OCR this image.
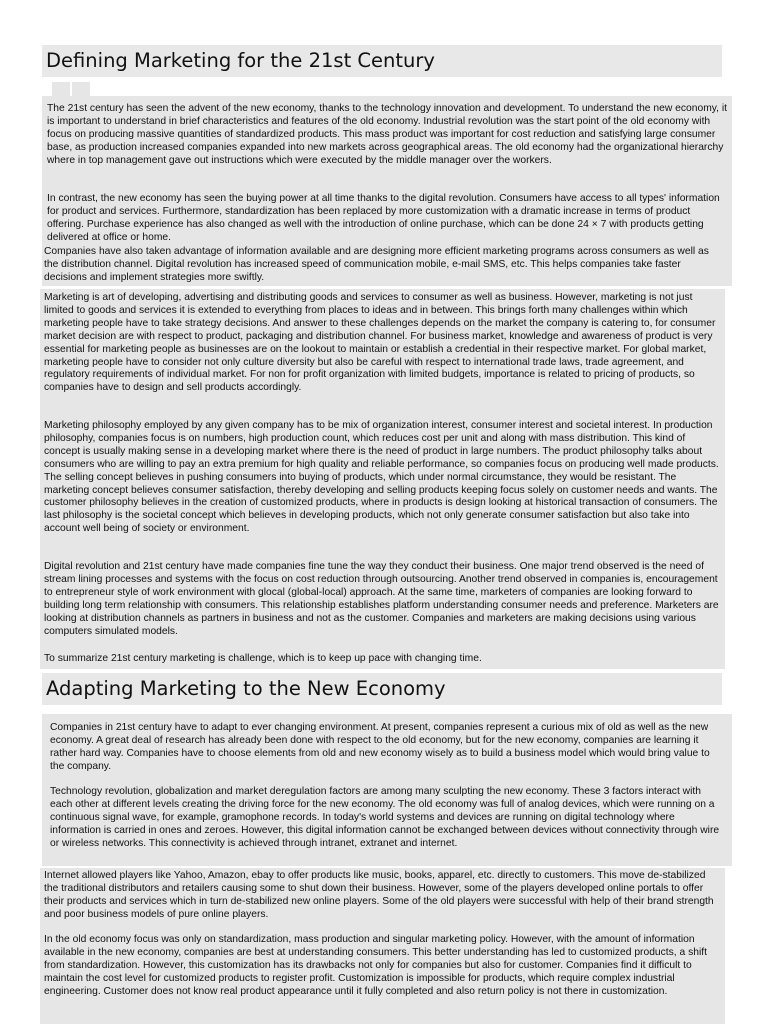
Defining Marketing for the 21st Century

The 21st century has seen the advent of the new economy, thanks to the technology innovation and development. To understand the new economy, it is important to understand in brief characteristics and features of the old economy. Industrial revolution was the start point of the old economy with focus on producing massive quantities of standardized products. This mass product was important for cost reduction and satisfying large consumer base, as production increased companies expanded into new markets across geographical areas. The old economy had the organizational hierarchy where in top management gave out instructions which were executed by the middle manager over the workers.

In contrast, the new economy has seen the buying power at all time thanks to the digital revolution. Consumers have access to all types' information for product and services. Furthermore, standardization has been replaced by more customization with a dramatic increase in terms of product offering. Purchase experience has also changed as well with the introduction of online purchase, which can be done 24 × 7 with products getting delivered at office or home.

Companies have also taken advantage of information available and are designing more efficient marketing programs across consumers as well as the distribution channel. Digital revolution has increased speed of communication mobile, e-mail SMS, etc. This helps companies take faster decisions and implement strategies more swiftly.

Marketing is art of developing, advertising and distributing goods and services to consumer as well as business. However, marketing is not just limited to goods and services it is extended to everything from places to ideas and in between. This brings forth many challenges within which marketing people have to take strategy decisions. And answer to these challenges depends on the market the company is catering to, for consumer market decision are with respect to product, packaging and distribution channel. For business market, knowledge and awareness of product is very essential for marketing people as businesses are on the lookout to maintain or establish a credential in their respective market. For global market, marketing people have to consider not only culture diversity but also be careful with respect to international trade laws, trade agreement, and regulatory requirements of individual market. For non for profit organization with limited budgets, importance is related to pricing of products, so companies have to design and sell products accordingly.

Marketing philosophy employed by any given company has to be mix of organization interest, consumer interest and societal interest. In production philosophy, companies focus is on numbers, high production count, which reduces cost per unit and along with mass distribution. This kind of concept is usually making sense in a developing market where there is the need of product in large numbers. The product philosophy talks about consumers who are willing to pay an extra premium for high quality and reliable performance, so companies focus on producing well made products. The selling concept believes in pushing consumers into buying of products, which under normal circumstance, they would be resistant. The marketing concept believes consumer satisfaction, thereby developing and selling products keeping focus solely on customer needs and wants. The customer philosophy believes in the creation of customized products, where in products is design looking at historical transaction of consumers. The last philosophy is the societal concept which believes in developing products, which not only generate consumer satisfaction but also take into account well being of society or environment.

Digital revolution and 21st century have made companies fine tune the way they conduct their business. One major trend observed is the need of stream lining processes and systems with the focus on cost reduction through outsourcing. Another trend observed in companies is, encouragement to entrepreneur style of work environment with glocal (global-local) approach. At the same time, marketers of companies are looking forward to building long term relationship with consumers. This relationship establishes platform understanding consumer needs and preference. Marketers are looking at distribution channels as partners in business and not as the customer. Companies and marketers are making decisions using various computers simulated models.

To summarize 21st century marketing is challenge, which is to keep up pace with changing time.

Adapting Marketing to the New Economy

Companies in 21st century have to adapt to ever changing environment. At present, companies represent a curious mix of old as well as the new economy. A great deal of research has already been done with respect to the old economy, but for the new economy, companies are learning it rather hard way. Companies have to choose elements from old and new economy wisely as to build a business model which would bring value to the company.

Technology revolution, globalization and market deregulation factors are among many sculpting the new economy. These 3 factors interact with each other at different levels creating the driving force for the new economy. The old economy was full of analog devices, which were running on a continuous signal wave, for example, gramophone records. In today's world systems and devices are running on digital technology where information is carried in ones and zeroes. However, this digital information cannot be exchanged between devices without connectivity through wire or wireless networks. This connectivity is achieved through intranet, extranet and internet.

Internet allowed players like Yahoo, Amazon, ebay to offer products like music, books, apparel, etc. directly to customers. This move de-stabilized the traditional distributors and retailers causing some to shut down their business. However, some of the players developed online portals to offer their products and services which in turn de-stabilized new online players. Some of the old players were successful with help of their brand strength and poor business models of pure online players.

In the old economy focus was only on standardization, mass production and singular marketing policy. However, with the amount of information available in the new economy, companies are best at understanding consumers. This better understanding has led to customized products, a shift from standardization. However, this customization has its drawbacks not only for companies but also for customer. Companies find it difficult to maintain the cost level for customized products to register profit. Customization is impossible for products, which require complex industrial engineering. Customer does not know real product appearance until it fully completed and also return policy is not there in customization.
